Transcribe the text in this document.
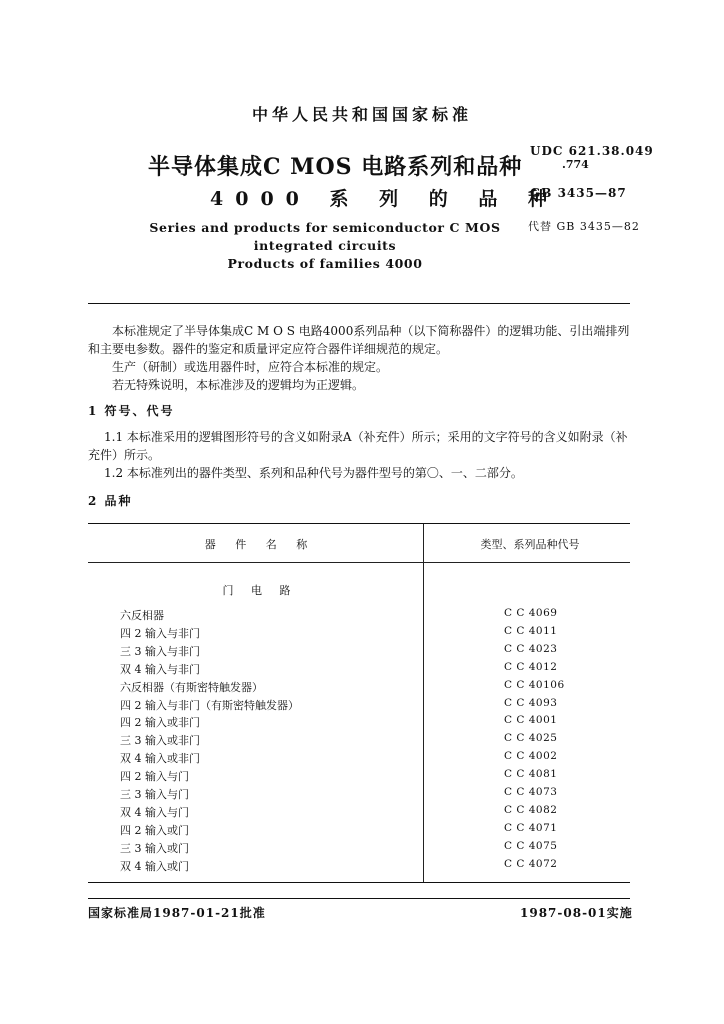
中华人民共和国国家标准
半导体集成C MOS 电路系列和品种
4000 系 列 的 品 种
Series and products for semiconductor C MOS
integrated circuits
Products of families 4000
UDC 621.38.049
.774
GB 3435—87
代替 GB 3435—82
本标准规定了半导体集成C M O S 电路4000系列品种（以下简称器件）的逻辑功能、引出端排列和主要电参数。器件的鉴定和质量评定应符合器件详细规范的规定。
生产（研制）或选用器件时，应符合本标准的规定。
若无特殊说明，本标准涉及的逻辑均为正逻辑。
1 符号、代号
1.1 本标准采用的逻辑图形符号的含义如附录A（补充件）所示；采用的文字符号的含义如附录（补充件）所示。
1.2 本标准列出的器件类型、系列和品种代号为器件型号的第〇、一、二部分。
2 品种
器 件 名 称	类型、系列品种代号
门 电 路
六反相器	C C 4069
四 2 输入与非门	C C 4011
三 3 输入与非门	C C 4023
双 4 输入与非门	C C 4012
六反相器（有斯密特触发器）	C C 40106
四 2 输入与非门（有斯密特触发器）	C C 4093
四 2 输入或非门	C C 4001
三 3 输入或非门	C C 4025
双 4 输入或非门	C C 4002
四 2 输入与门	C C 4081
三 3 输入与门	C C 4073
双 4 输入与门	C C 4082
四 2 输入或门	C C 4071
三 3 输入或门	C C 4075
双 4 输入或门	C C 4072
国家标准局1987-01-21批准	1987-08-01实施
